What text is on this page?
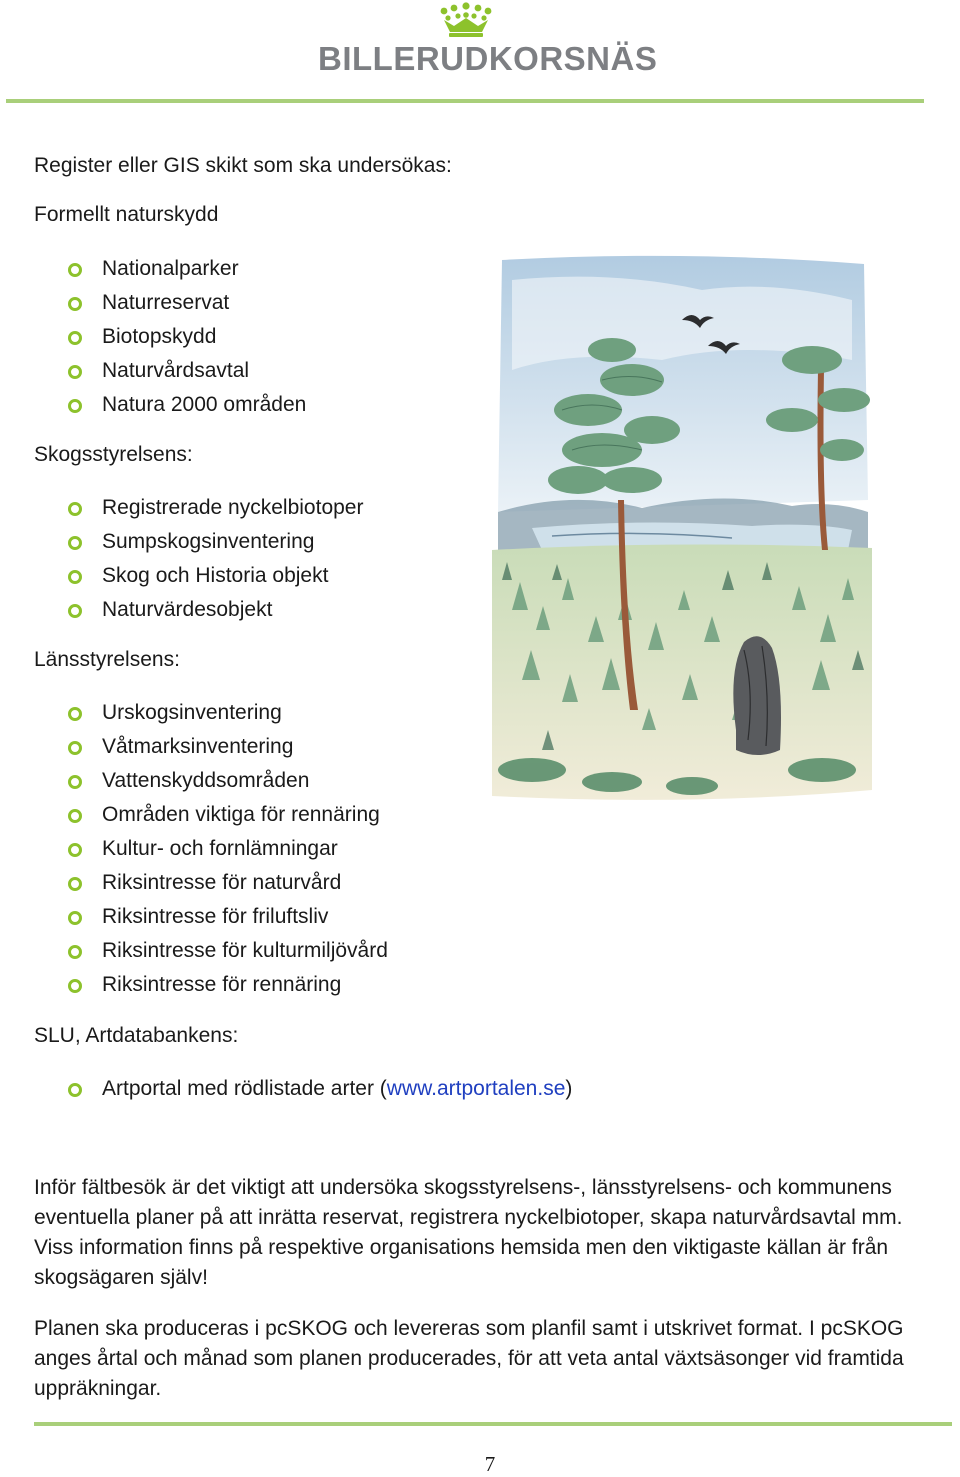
BILLERUDKORSNÄS
Register eller GIS skikt som ska undersökas:
Formellt naturskydd
Nationalparker
Naturreservat
Biotopskydd
Naturvårdsavtal
Natura 2000 områden
Skogsstyrelsens:
Registrerade nyckelbiotoper
Sumpskogsinventering
Skog och Historia objekt
Naturvärdesobjekt
Länsstyrelsens:
Urskogsinventering
Våtmarksinventering
Vattenskyddsområden
Områden viktiga för rennäring
Kultur- och fornlämningar
Riksintresse för naturvård
Riksintresse för friluftsliv
Riksintresse för kulturmiljövård
Riksintresse för rennäring
SLU, Artdatabankens:
Artportal med rödlistade arter (www.artportalen.se)

Inför fältbesök är det viktigt att undersöka skogsstyrelsens-, länsstyrelsens- och kommunens eventuella planer på att inrätta reservat, registrera nyckelbiotoper, skapa naturvårdsavtal mm. Viss information finns på respektive organisations hemsida men den viktigaste källan är från skogsägaren själv!

Planen ska produceras i pcSKOG och levereras som planfil samt i utskrivet format. I pcSKOG anges årtal och månad som planen producerades, för att veta antal växtsäsonger vid framtida uppräkningar.

7
